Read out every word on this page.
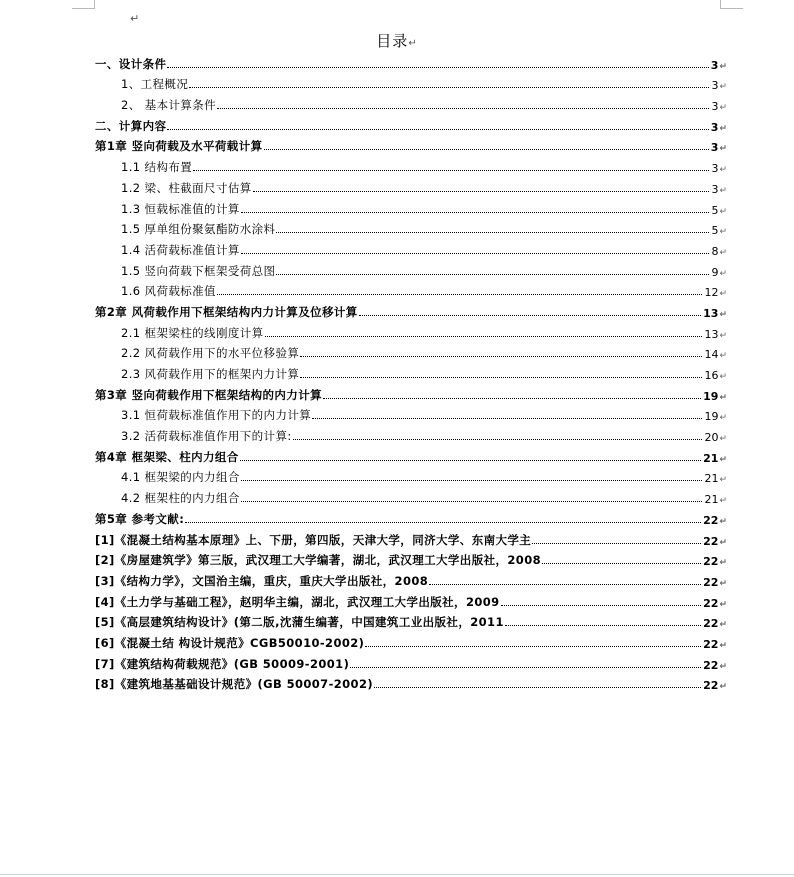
↵
目录↵
一、设计条件	3 ↵
1、工程概况	3 ↵
2、 基本计算条件	3 ↵
二、计算内容	3 ↵
第1章 竖向荷载及水平荷载计算	3 ↵
1.1 结构布置	3 ↵
1.2 梁、柱截面尺寸估算	3 ↵
1.3 恒载标准值的计算	5 ↵
1.5 厚单组份聚氨酯防水涂料	5 ↵
1.4 活荷载标准值计算	8 ↵
1.5 竖向荷载下框架受荷总图	9 ↵
1.6 风荷载标准值	12 ↵
第2章 风荷载作用下框架结构内力计算及位移计算	13 ↵
2.1 框架梁柱的线刚度计算	13 ↵
2.2 风荷载作用下的水平位移验算	14 ↵
2.3 风荷载作用下的框架内力计算	16 ↵
第3章 竖向荷载作用下框架结构的内力计算	19 ↵
3.1 恒荷载标准值作用下的内力计算	19 ↵
3.2 活荷载标准值作用下的计算:	20 ↵
第4章 框架梁、柱内力组合	21 ↵
4.1 框架梁的内力组合	21 ↵
4.2 框架柱的内力组合	21 ↵
第5章 参考文献:	22 ↵
[1]《混凝土结构基本原理》上、下册，第四版，天津大学，同济大学、东南大学主	22 ↵
[2]《房屋建筑学》第三版，武汉理工大学编著，湖北，武汉理工大学出版社，2008	22 ↵
[3]《结构力学》，文国治主编，重庆，重庆大学出版社，2008	22 ↵
[4]《土力学与基础工程》，赵明华主编，湖北，武汉理工大学出版社，2009	22 ↵
[5]《高层建筑结构设计》(第二版,沈蒲生编著，中国建筑工业出版社，2011	22 ↵
[6]《混凝土结 构设计规范》CGB50010-2002)	22 ↵
[7]《建筑结构荷载规范》(GB 50009-2001)	22 ↵
[8]《建筑地基基础设计规范》(GB 50007-2002)	22 ↵
